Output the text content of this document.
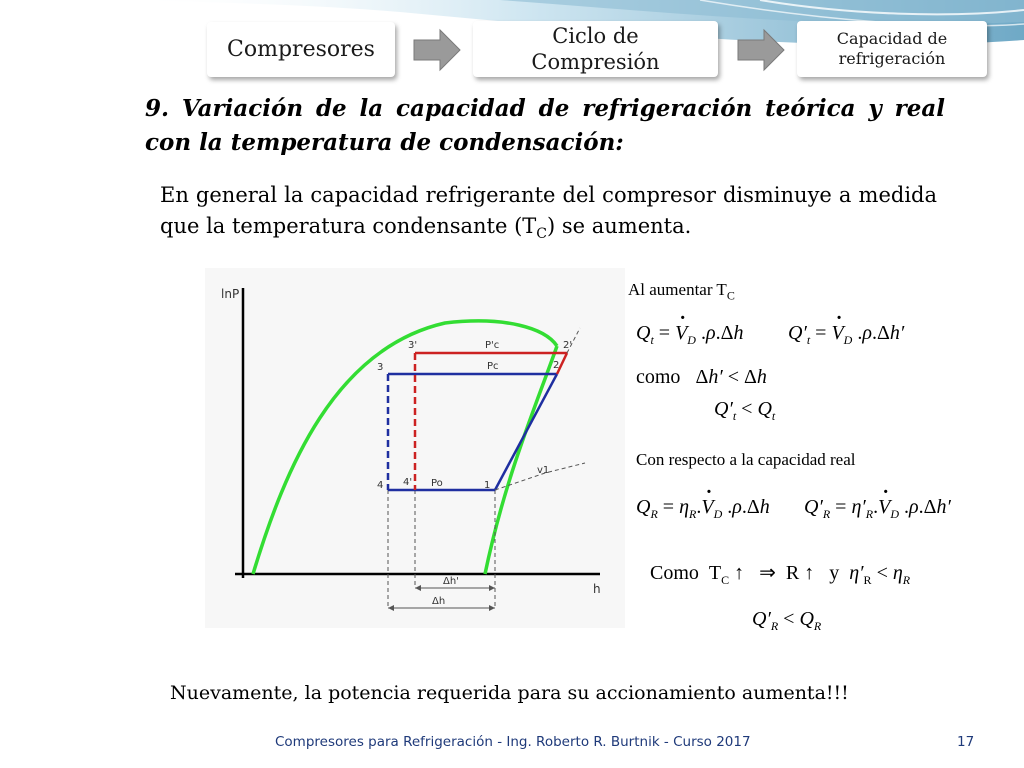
Compresores
Ciclo de
Compresión
Capacidad de
refrigeración
9. Variación de la capacidad de refrigeración teórica y real con la temperatura de condensación:
En general la capacidad refrigerante del compresor disminuye a medida que la temperatura condensante $(T_C)$ se aumenta.
lnP
h
3'
3
2'
2
4 4'	1
P'c
Pc
Po
v1
Δh'
Δh
Al aumentar $T_C$
$Q_t$ = · $V_D$ .ρ.Δh $Q'_t$ = · $V_D$ .ρ.Δh′
como   Δh′ < Δh
$Q'_t < Q_t$
Con respecto a la capacidad real
$Q_R = \eta_R.\cdot V_D$ .ρ.Δh $Q'_R = \eta'_R.\cdot V_D$ .ρ.Δh′
Como  $T_C$ ↑   ⇒  R ↑   y  $\eta'_R < \eta_R$
$Q'_R < Q_R$
Nuevamente, la potencia requerida para su accionamiento aumenta!!!
Compresores para Refrigeración - Ing. Roberto R. Burtnik - Curso 2017	17
